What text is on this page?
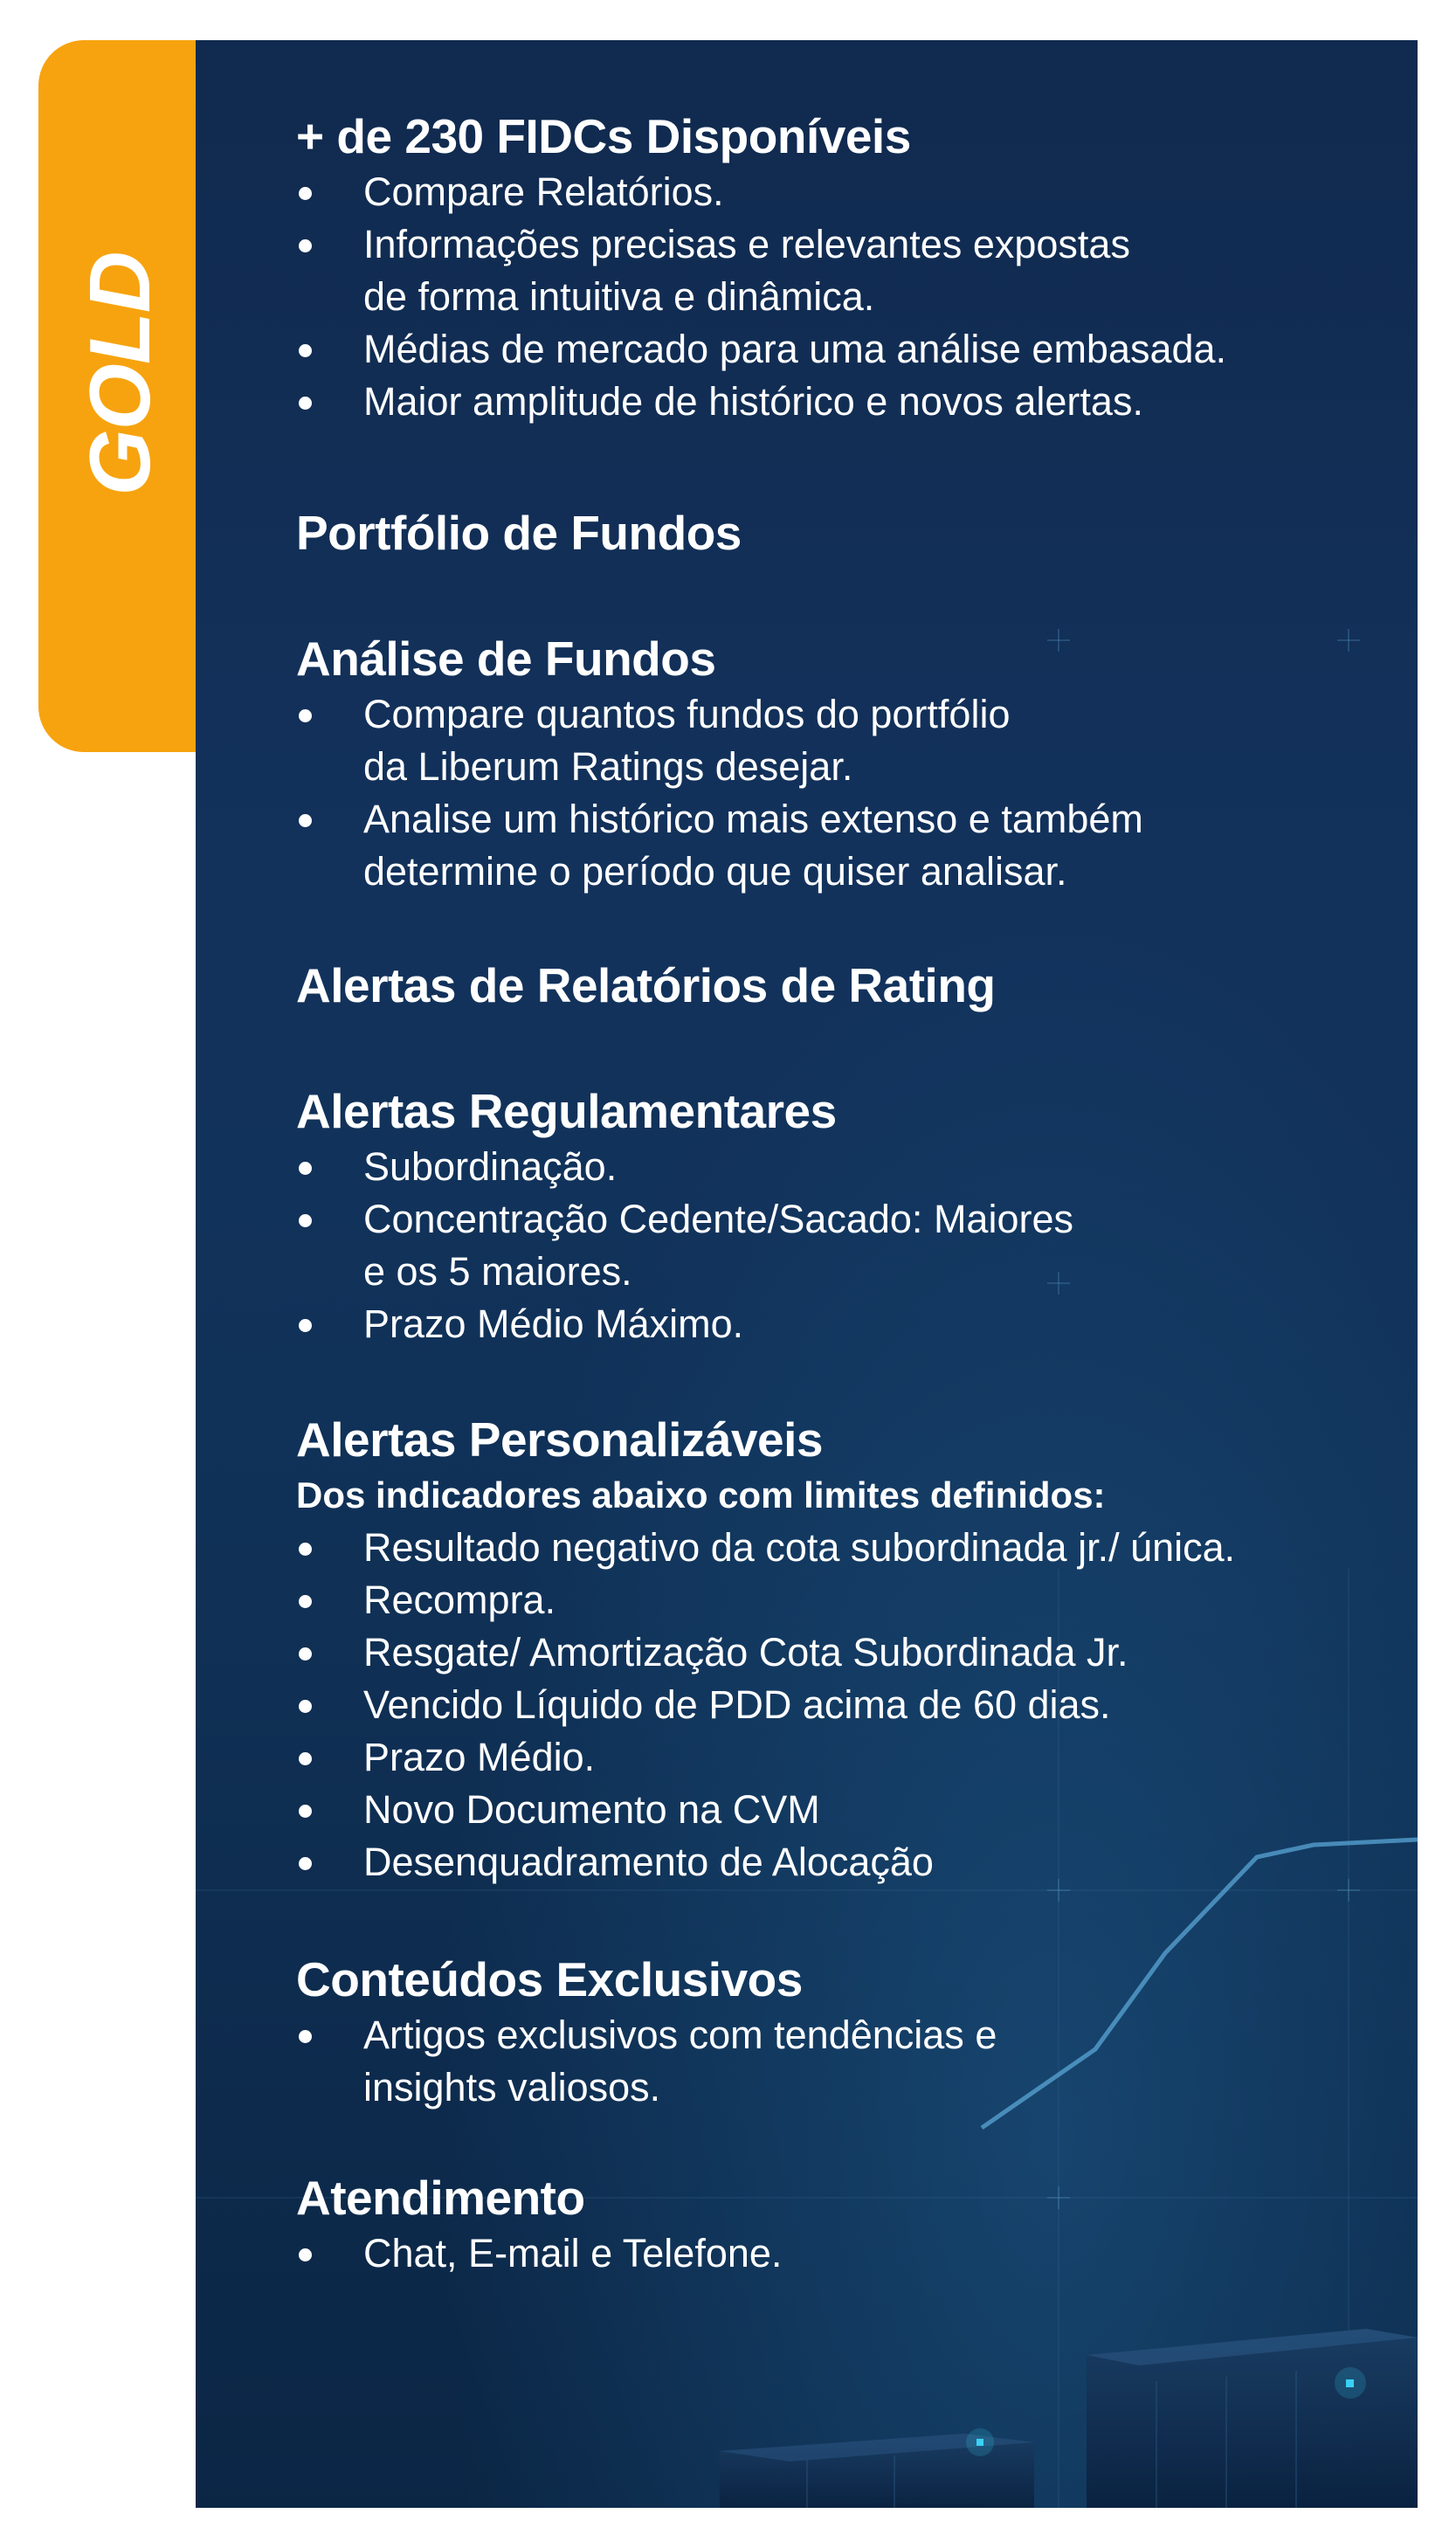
GOLD
+ de 230 FIDCs Disponíveis
Compare Relatórios.
Informações precisas e relevantes expostas
de forma intuitiva e dinâmica.
Médias de mercado para uma análise embasada.
Maior amplitude de histórico e novos alertas.
Portfólio de Fundos
Análise de Fundos
Compare quantos fundos do portfólio
da Liberum Ratings desejar.
Analise um histórico mais extenso e também
determine o período que quiser analisar.
Alertas de Relatórios de Rating
Alertas Regulamentares
Subordinação.
Concentração Cedente/Sacado: Maiores
e os 5 maiores.
Prazo Médio Máximo.
Alertas Personalizáveis

Dos indicadores abaixo com limites definidos:

Resultado negativo da cota subordinada jr./ única.
Recompra.
Resgate/ Amortização Cota Subordinada Jr.
Vencido Líquido de PDD acima de 60 dias.
Prazo Médio.
Novo Documento na CVM
Desenquadramento de Alocação
Conteúdos Exclusivos
Artigos exclusivos com tendências e
insights valiosos.
Atendimento
Chat, E-mail e Telefone.
